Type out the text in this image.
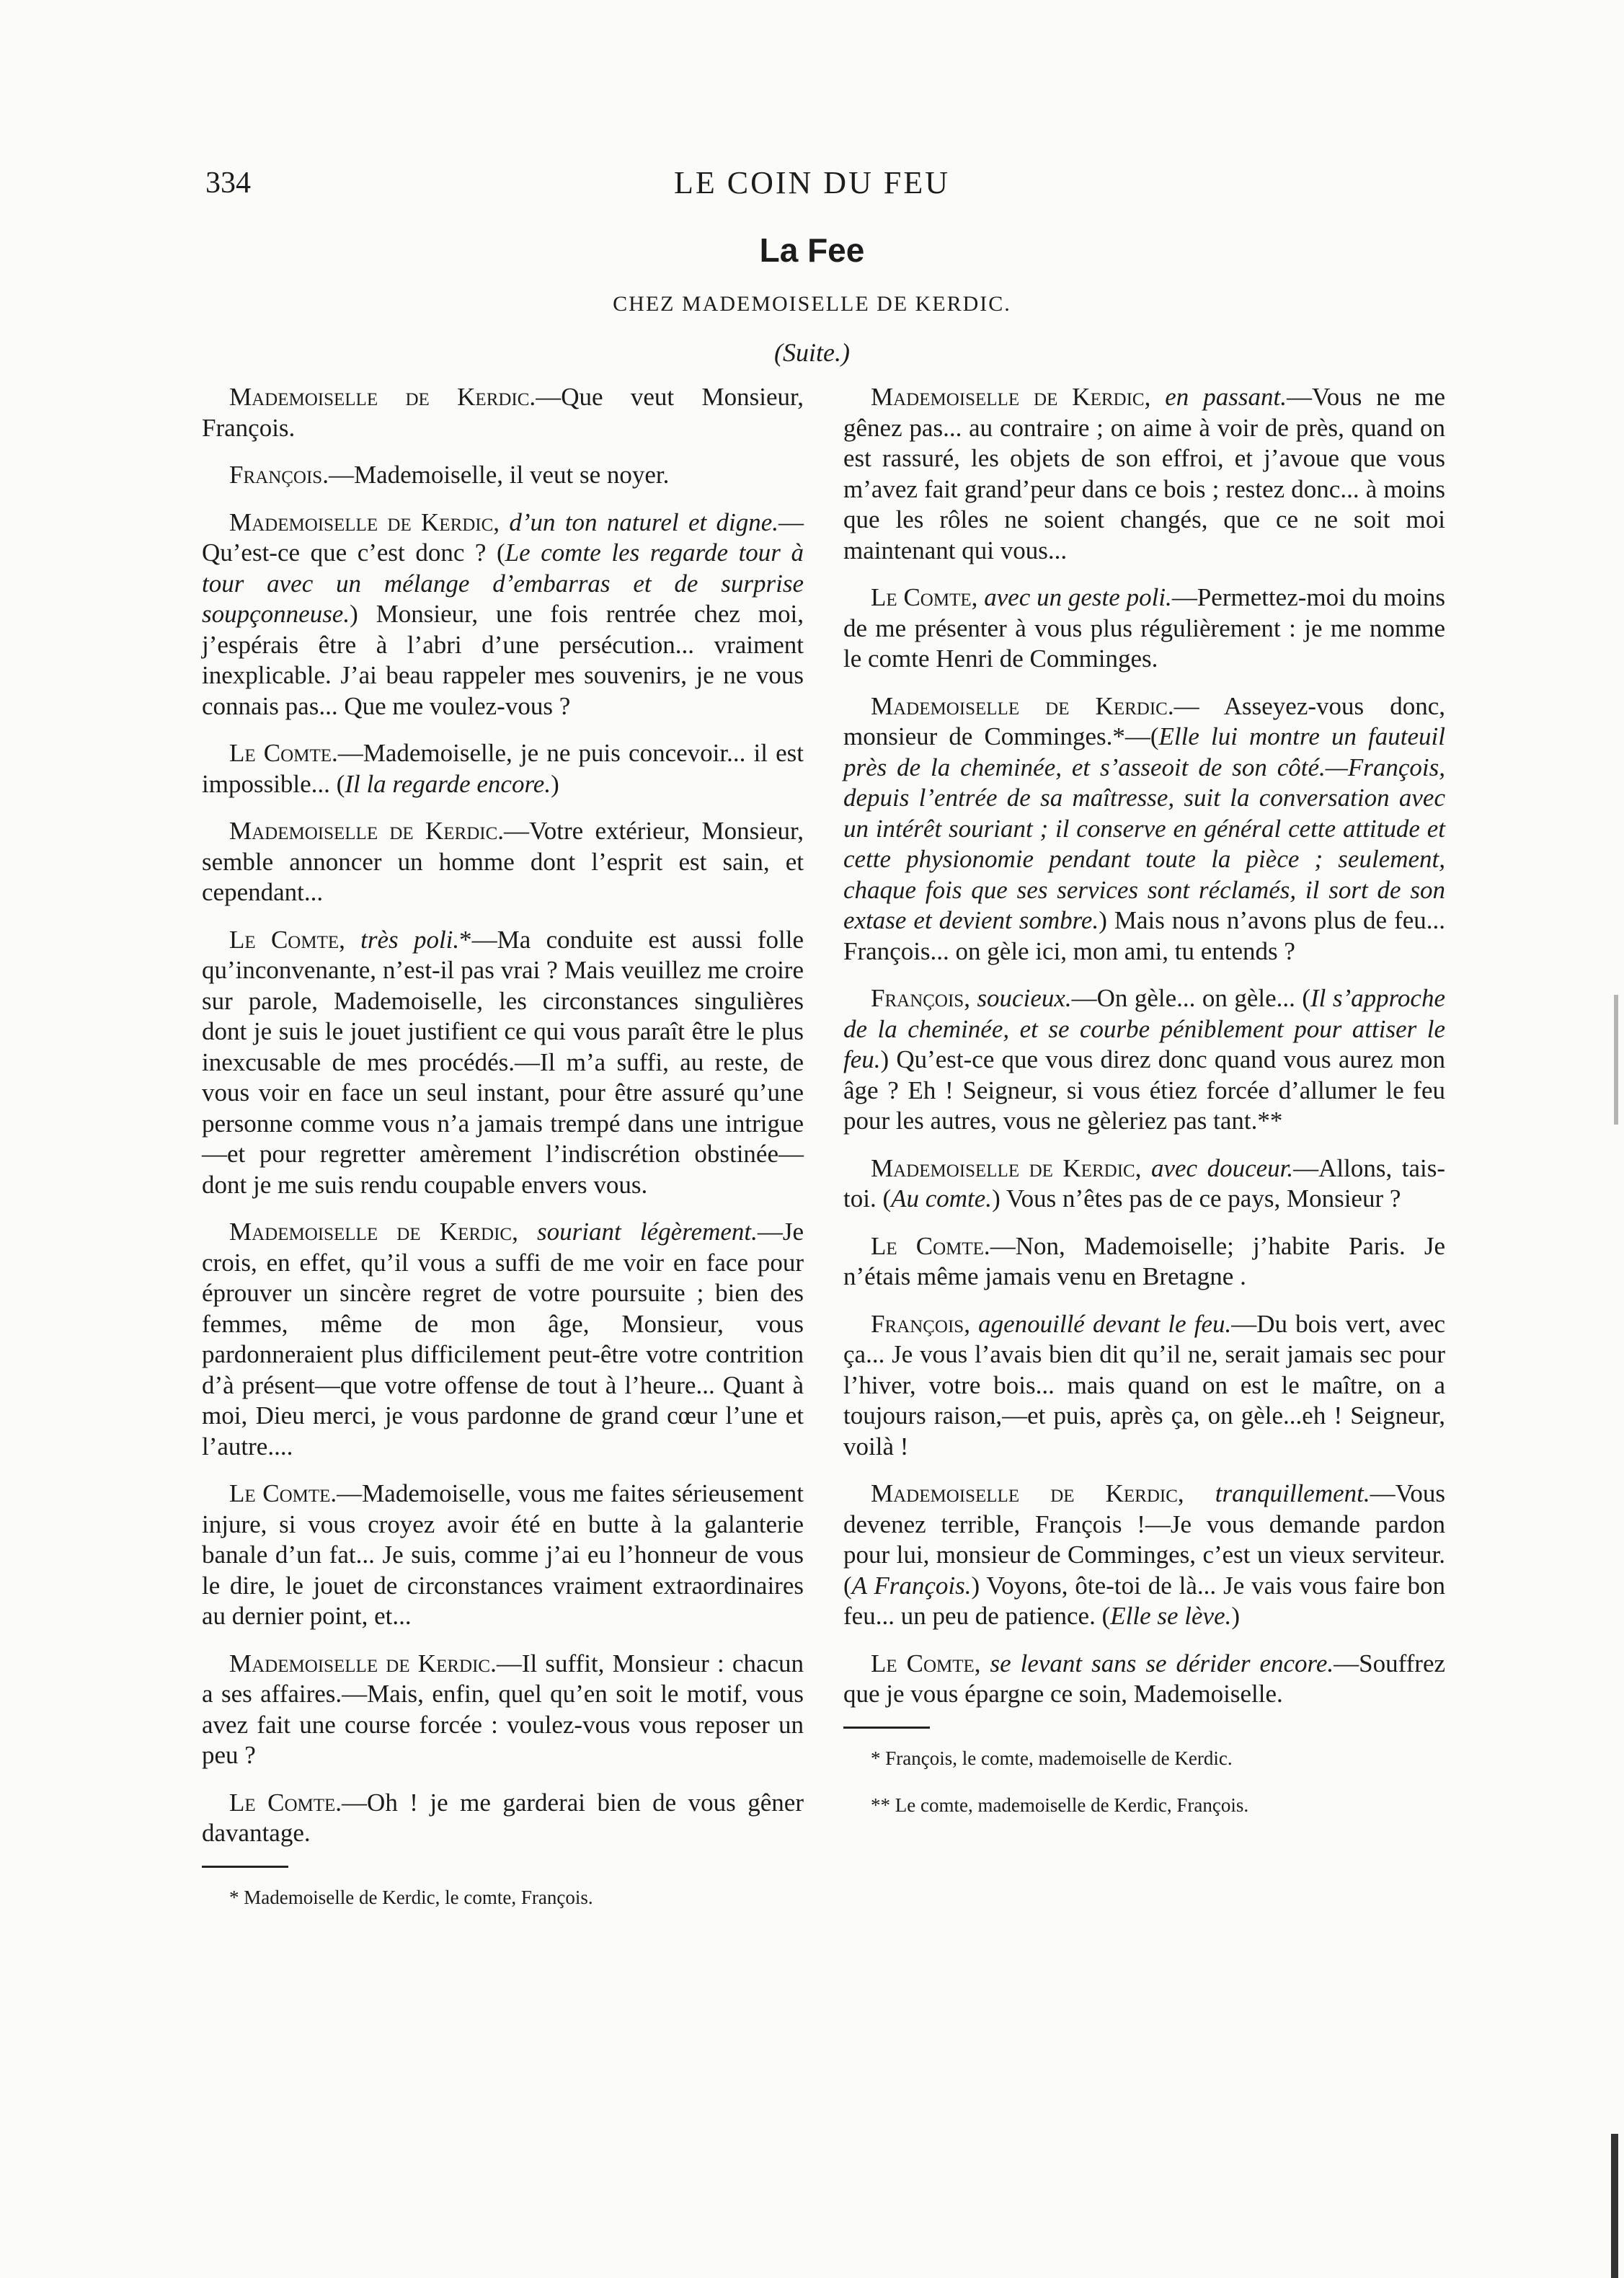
334	LE COIN DU FEU
La Fee
CHEZ MADEMOISELLE DE KERDIC.
(Suite.)

Mademoiselle de Kerdic.—Que veut Monsieur, François.

François.—Mademoiselle, il veut se noyer.

Mademoiselle de Kerdic, d’un ton naturel et digne.—Qu’est-ce que c’est donc ? (Le comte les regarde tour à tour avec un mélange d’embarras et de surprise soupçonneuse.) Monsieur, une fois rentrée chez moi, j’espérais être à l’abri d’une persécution... vraiment inexplicable. J’ai beau rappeler mes souvenirs, je ne vous connais pas... Que me voulez-vous ?

Le Comte.—Mademoiselle, je ne puis concevoir... il est impossible... (Il la regarde encore.)

Mademoiselle de Kerdic.—Votre extérieur, Monsieur, semble annoncer un homme dont l’esprit est sain, et cependant...

Le Comte, très poli.*—Ma conduite est aussi folle qu’inconvenante, n’est-il pas vrai ? Mais veuillez me croire sur parole, Mademoiselle, les circonstances singulières dont je suis le jouet justifient ce qui vous paraît être le plus inexcusable de mes procédés.—Il m’a suffi, au reste, de vous voir en face un seul instant, pour être assuré qu’une personne comme vous n’a jamais trempé dans une intrigue—et pour regretter amèrement l’indiscrétion obstinée—dont je me suis rendu coupable envers vous.

Mademoiselle de Kerdic, souriant légèrement.—Je crois, en effet, qu’il vous a suffi de me voir en face pour éprouver un sincère regret de votre poursuite ; bien des femmes, même de mon âge, Monsieur, vous pardonneraient plus difficilement peut-être votre contrition d’à présent—que votre offense de tout à l’heure... Quant à moi, Dieu merci, je vous pardonne de grand cœur l’une et l’autre....

Le Comte.—Mademoiselle, vous me faites sérieusement injure, si vous croyez avoir été en butte à la galanterie banale d’un fat... Je suis, comme j’ai eu l’honneur de vous le dire, le jouet de circonstances vraiment extraordinaires au dernier point, et...

Mademoiselle de Kerdic.—Il suffit, Monsieur : chacun a ses affaires.—Mais, enfin, quel qu’en soit le motif, vous avez fait une course forcée : voulez-vous vous reposer un peu ?

Le Comte.—Oh ! je me garderai bien de vous gêner davantage.

* Mademoiselle de Kerdic, le comte, François.

Mademoiselle de Kerdic, en passant.—Vous ne me gênez pas... au contraire ; on aime à voir de près, quand on est rassuré, les objets de son effroi, et j’avoue que vous m’avez fait grand’peur dans ce bois ; restez donc... à moins que les rôles ne soient changés, que ce ne soit moi maintenant qui vous...

Le Comte, avec un geste poli.—Permettez-moi du moins de me présenter à vous plus régulièrement : je me nomme le comte Henri de Comminges.

Mademoiselle de Kerdic.— Asseyez-vous donc, monsieur de Comminges.*—(Elle lui montre un fauteuil près de la cheminée, et s’asseoit de son côté.—François, depuis l’entrée de sa maîtresse, suit la conversation avec un intérêt souriant ; il conserve en général cette attitude et cette physionomie pendant toute la pièce ; seulement, chaque fois que ses services sont réclamés, il sort de son extase et devient sombre.) Mais nous n’avons plus de feu... François... on gèle ici, mon ami, tu entends ?

François, soucieux.—On gèle... on gèle... (Il s’approche de la cheminée, et se courbe péniblement pour attiser le feu.) Qu’est-ce que vous direz donc quand vous aurez mon âge ? Eh ! Seigneur, si vous étiez forcée d’allumer le feu pour les autres, vous ne gèleriez pas tant.**

Mademoiselle de Kerdic, avec douceur.—Allons, tais-toi. (Au comte.) Vous n’êtes pas de ce pays, Monsieur ?

Le Comte.—Non, Mademoiselle; j’habite Paris. Je n’étais même jamais venu en Bretagne .

François, agenouillé devant le feu.—Du bois vert, avec ça... Je vous l’avais bien dit qu’il ne, serait jamais sec pour l’hiver, votre bois... mais quand on est le maître, on a toujours raison,—et puis, après ça, on gèle...eh ! Seigneur, voilà !

Mademoiselle de Kerdic, tranquillement.—Vous devenez terrible, François !—Je vous demande pardon pour lui, monsieur de Comminges, c’est un vieux serviteur. (A François.) Voyons, ôte-toi de là... Je vais vous faire bon feu... un peu de patience. (Elle se lève.)

Le Comte, se levant sans se dérider encore.—Souffrez que je vous épargne ce soin, Mademoiselle.

* François, le comte, mademoiselle de Kerdic.

** Le comte, mademoiselle de Kerdic, François.
